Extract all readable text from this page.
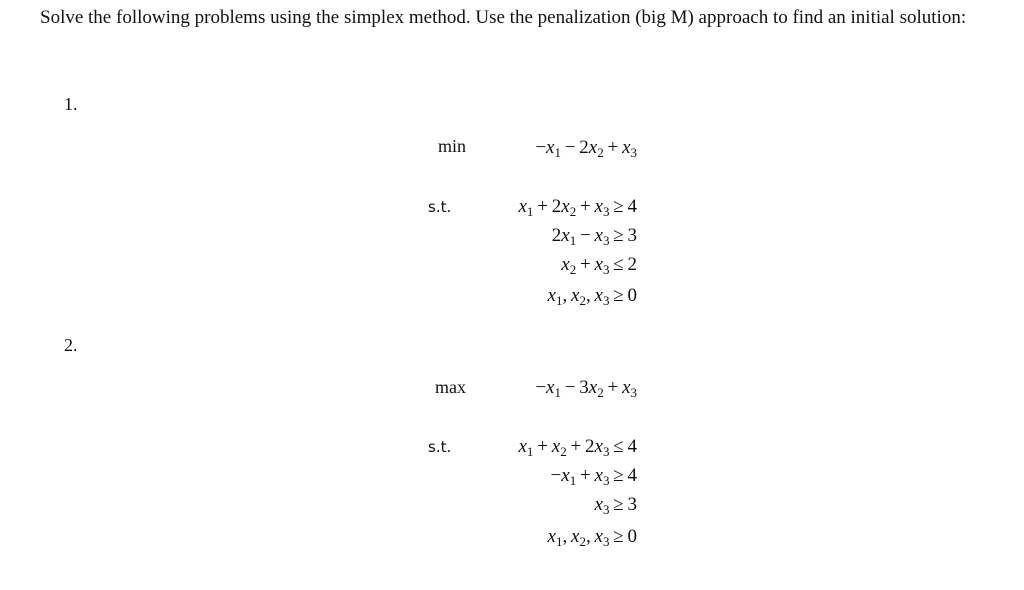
Solve the following problems using the simplex method. Use the penalization (big M) approach to find an initial solution:
1.
min	$-x_1 - 2x_2 + x_3$
s.t.	$x_1 + 2x_2 + x_3 \ge 4$
$2x_1 - x_3 \ge 3$
$x_2 + x_3 \le 2$
$x_1$, $x_2$, $x_3 \ge 0$
2.
max	$-x_1 - 3x_2 + x_3$
s.t.	$x_1 + x_2 + 2x_3 \le 4$
$-x_1 + x_3 \ge 4$
$x_3 \ge 3$
$x_1$, $x_2$, $x_3 \ge 0$
